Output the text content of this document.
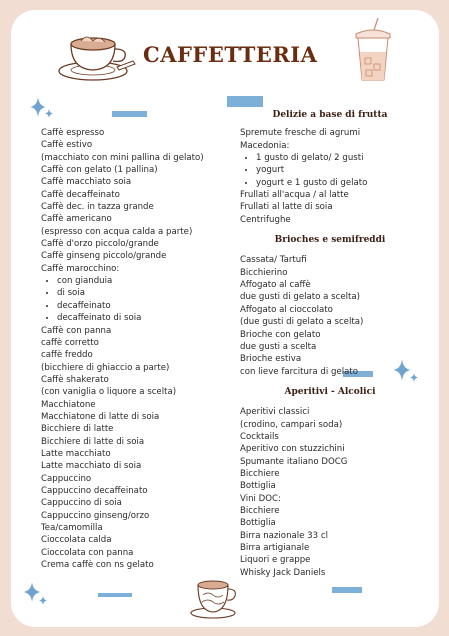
CAFFETTERIA
Caffè espresso
Caffè estivo
(macchiato con mini pallina di gelato)
Caffè con gelato (1 pallina)
Caffè macchiato soia
Caffè decaffeinato
Caffè dec. in tazza grande
Caffè americano
(espresso con acqua calda a parte)
Caffè d'orzo piccolo/grande
Caffè ginseng piccolo/grande
Caffè marocchino:
• con gianduia
• di soia
• decaffeinato
• decaffeinato di soia
Caffè con panna
caffè corretto
caffè freddo
(bicchiere di ghiaccio a parte)
Caffè shakerato
(con vaniglia o liquore a scelta)
Macchiatone
Macchiatone di latte di soia
Bicchiere di latte
Bicchiere di latte di soia
Latte macchiato
Latte macchiato di soia
Cappuccino
Cappuccino decaffeinato
Cappuccino di soia
Cappuccino ginseng/orzo
Tea/camomilla
Cioccolata calda
Cioccolata con panna
Crema caffè con ns gelato
Delizie a base di frutta
Spremute fresche di agrumi
Macedonia:
• 1 gusto di gelato/ 2 gusti
• yogurt
• yogurt e 1 gusto di gelato
Frullati all'acqua / al latte
Frullati al latte di soia
Centrifughe
Brioches e semifreddi
Cassata/ Tartufi
Bicchierino
Affogato al caffè
due gusti di gelato a scelta)
Affogato al cioccolato
(due gusti di gelato a scelta)
Brioche con gelato
due gusti a scelta
Brioche estiva
con lieve farcitura di gelato
Aperitivi - Alcolici
Aperitivi classici
(crodino, campari soda)
Cocktails
Aperitivo con stuzzichini
Spumante italiano DOCG
Bicchiere
Bottiglia
Vini DOC:
Bicchiere
Bottiglia
Birra nazionale 33 cl
Birra artigianale
Liquori e grappe
Whisky Jack Daniels
